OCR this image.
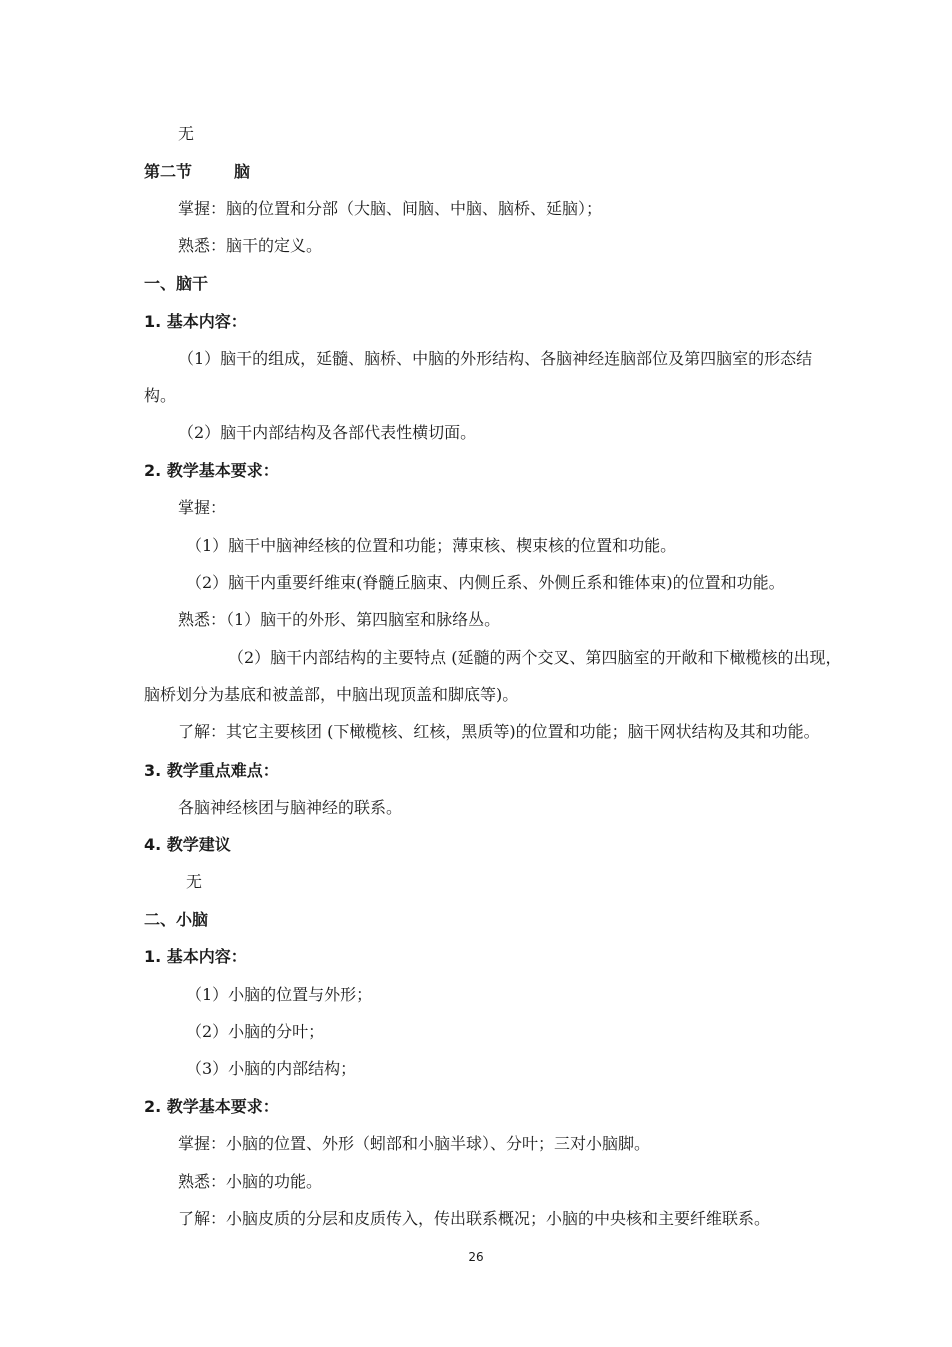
无
第二节	脑
掌握：脑的位置和分部（大脑、间脑、中脑、脑桥、延脑）；
熟悉：脑干的定义。
一、脑干
1. 基本内容：
（1）脑干的组成，延髓、脑桥、中脑的外形结构、各脑神经连脑部位及第四脑室的形态结
构。
（2）脑干内部结构及各部代表性横切面。
2. 教学基本要求：
掌握：
（1）脑干中脑神经核的位置和功能；薄束核、楔束核的位置和功能。
（2）脑干内重要纤维束(脊髓丘脑束、内侧丘系、外侧丘系和锥体束)的位置和功能。
熟悉：（1）脑干的外形、第四脑室和脉络丛。
（2）脑干内部结构的主要特点 (延髓的两个交叉、第四脑室的开敞和下橄榄核的出现，
脑桥划分为基底和被盖部，中脑出现顶盖和脚底等)。
了解：其它主要核团 (下橄榄核、红核，黑质等)的位置和功能；脑干网状结构及其和功能。
3. 教学重点难点：
各脑神经核团与脑神经的联系。
4. 教学建议
无
二、小脑
1. 基本内容：
（1）小脑的位置与外形；
（2）小脑的分叶；
（3）小脑的内部结构；
2. 教学基本要求：
掌握：小脑的位置、外形（蚓部和小脑半球）、分叶；三对小脑脚。
熟悉：小脑的功能。
了解：小脑皮质的分层和皮质传入，传出联系概况；小脑的中央核和主要纤维联系。
26
